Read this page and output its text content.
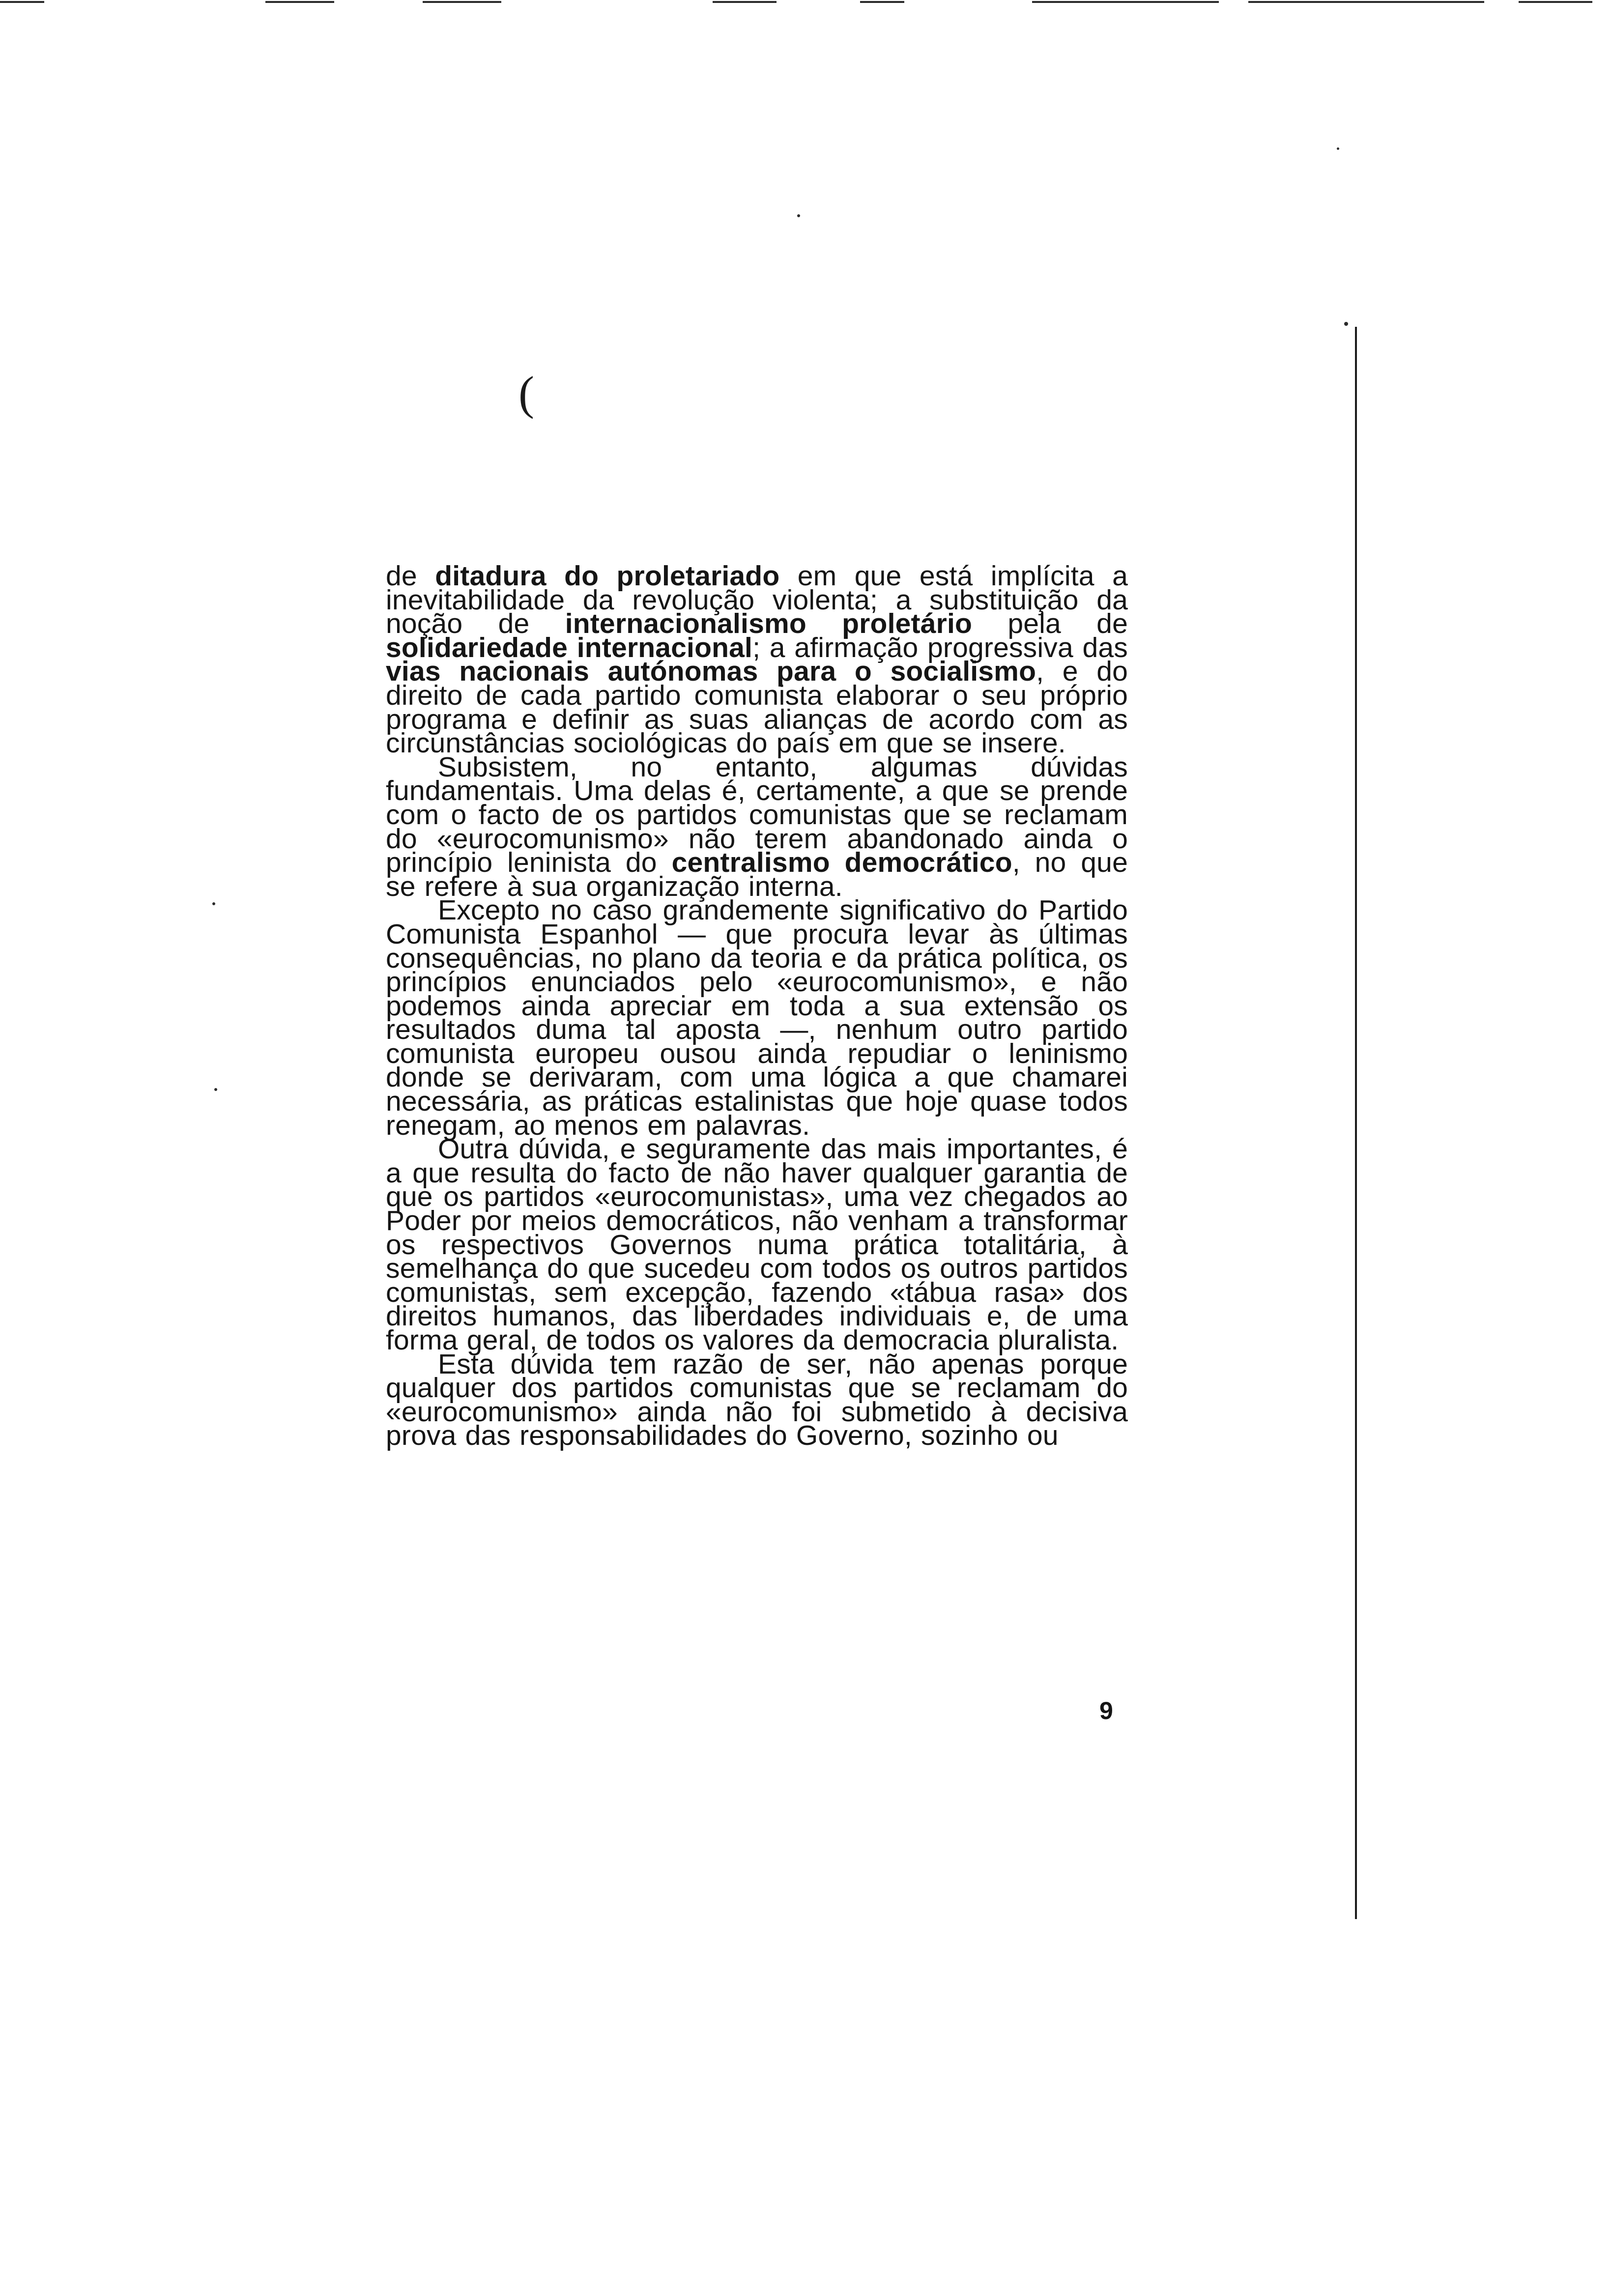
(

de ditadura do proletariado em que está implícita a inevitabilidade da revolução violenta; a substituição da noção de internacionalismo proletário pela de solidariedade internacional; a afirmação progressiva das vias nacionais autónomas para o socialismo, e do direito de cada partido comunista elaborar o seu próprio programa e definir as suas alianças de acordo com as circunstâncias sociológicas do país em que se insere.

Subsistem, no entanto, algumas dúvidas fundamentais. Uma delas é, certamente, a que se prende com o facto de os partidos comunistas que se reclamam do «eurocomunismo» não terem abandonado ainda o princípio leninista do centralismo democrático, no que se refere à sua organização interna.

Excepto no caso grandemente significativo do Partido Comunista Espanhol — que procura levar às últimas consequências, no plano da teoria e da prática política, os princípios enunciados pelo «eurocomunismo», e não podemos ainda apreciar em toda a sua extensão os resultados duma tal aposta —, nenhum outro partido comunista europeu ousou ainda repudiar o leninismo donde se derivaram, com uma lógica a que chamarei necessária, as práticas estalinistas que hoje quase todos renegam, ao menos em palavras.

Outra dúvida, e seguramente das mais importantes, é a que resulta do facto de não haver qualquer garantia de que os partidos «eurocomunistas», uma vez chegados ao Poder por meios democráticos, não venham a transformar os respectivos Governos numa prática totalitária, à semelhança do que sucedeu com todos os outros partidos comunistas, sem excepção, fazendo «tábua rasa» dos direitos humanos, das liberdades individuais e, de uma forma geral, de todos os valores da democracia pluralista.

Esta dúvida tem razão de ser, não apenas porque qualquer dos partidos comunistas que se reclamam do «eurocomunismo» ainda não foi submetido à decisiva prova das responsabilidades do Governo, sozinho ou

9
